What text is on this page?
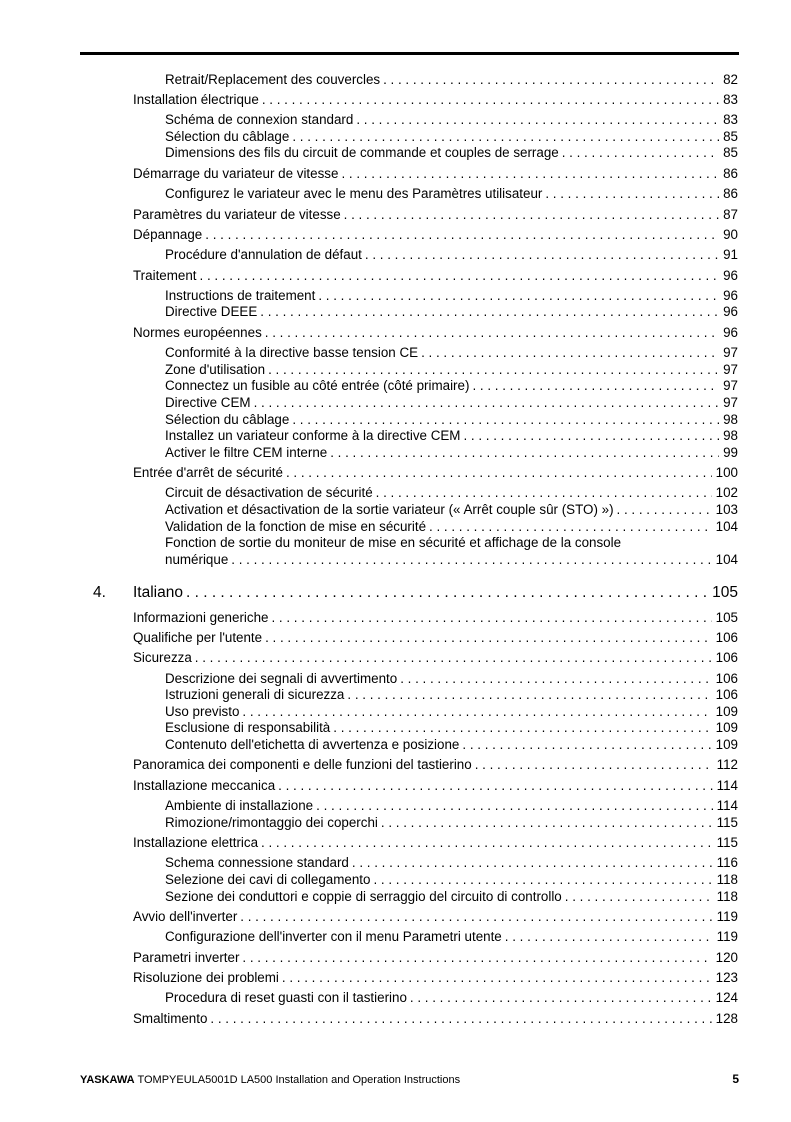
Retrait/Replacement des couvercles . . .	82
Installation électrique . . .	83
Schéma de connexion standard . . .	83
Sélection du câblage . . .	85
Dimensions des fils du circuit de commande et couples de serrage . . .	85
Démarrage du variateur de vitesse . . .	86
Configurez le variateur avec le menu des Paramètres utilisateur . . .	86
Paramètres du variateur de vitesse . . .	87
Dépannage . . .	90
Procédure d'annulation de défaut . . .	91
Traitement . . .	96
Instructions de traitement . . .	96
Directive DEEE . . .	96
Normes européennes . . .	96
Conformité à la directive basse tension CE . . .	97
Zone d'utilisation . . .	97
Connectez un fusible au côté entrée (côté primaire) . . .	97
Directive CEM . . .	97
Sélection du câblage . . .	98
Installez un variateur conforme à la directive CEM . . .	98
Activer le filtre CEM interne . . .	99
Entrée d'arrêt de sécurité . . .	100
Circuit de désactivation de sécurité . . .	102
Activation et désactivation de la sortie variateur (« Arrêt couple sûr (STO) ») . . .	103
Validation de la fonction de mise en sécurité . . .	104
Fonction de sortie du moniteur de mise en sécurité et affichage de la console
numérique . . .	104
4.	Italiano . . .	105
Informazioni generiche . . .	105
Qualifiche per l'utente . . .	106
Sicurezza . . .	106
Descrizione dei segnali di avvertimento . . .	106
Istruzioni generali di sicurezza . . .	106
Uso previsto . . .	109
Esclusione di responsabilità . . .	109
Contenuto dell'etichetta di avvertenza e posizione . . .	109
Panoramica dei componenti e delle funzioni del tastierino . . .	112
Installazione meccanica . . .	114
Ambiente di installazione . . .	114
Rimozione/rimontaggio dei coperchi . . .	115
Installazione elettrica . . .	115
Schema connessione standard . . .	116
Selezione dei cavi di collegamento . . .	118
Sezione dei conduttori e coppie di serraggio del circuito di controllo . . .	118
Avvio dell'inverter . . .	119
Configurazione dell'inverter con il menu Parametri utente . . .	119
Parametri inverter . . .	120
Risoluzione dei problemi . . .	123
Procedura di reset guasti con il tastierino . . .	124
Smaltimento . . .	128
YASKAWA TOMPYEULA5001D LA500 Installation and Operation Instructions	5
